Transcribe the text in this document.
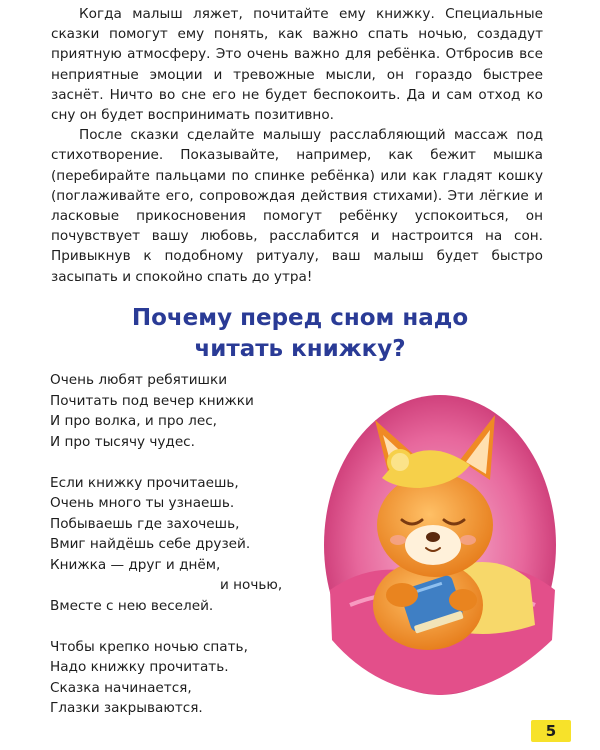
Когда малыш ляжет, почитайте ему книжку. Специальные сказки помогут ему понять, как важно спать ночью, создадут приятную атмосферу. Это очень важно для ребёнка. Отбросив все неприятные эмоции и тревожные мысли, он гораздо быстрее заснёт. Ничто во сне его не будет беспокоить. Да и сам отход ко сну он будет воспринимать позитивно.

После сказки сделайте малышу расслабляющий массаж под стихотворение. Показывайте, например, как бежит мышка (перебирайте пальцами по спинке ребёнка) или как гладят кошку (поглаживайте его, сопровождая действия стихами). Эти лёгкие и ласковые прикосновения помогут ребёнку успокоиться, он почувствует вашу любовь, расслабится и настроится на сон. Привыкнув к подобному ритуалу, ваш малыш будет быстро засыпать и спокойно спать до утра!

Почему перед сном надо
читать книжку?
Очень любят ребятишки
Почитать под вечер книжки
И про волка, и про лес,
И про тысячу чудес.
Если книжку прочитаешь,
Очень много ты узнаешь.
Побываешь где захочешь,
Вмиг найдёшь себе друзей.
Книжка — друг и днём,
и ночью,
Вместе с нею веселей.
Чтобы крепко ночью спать,
Надо книжку прочитать.
Сказка начинается,
Глазки закрываются.
5
